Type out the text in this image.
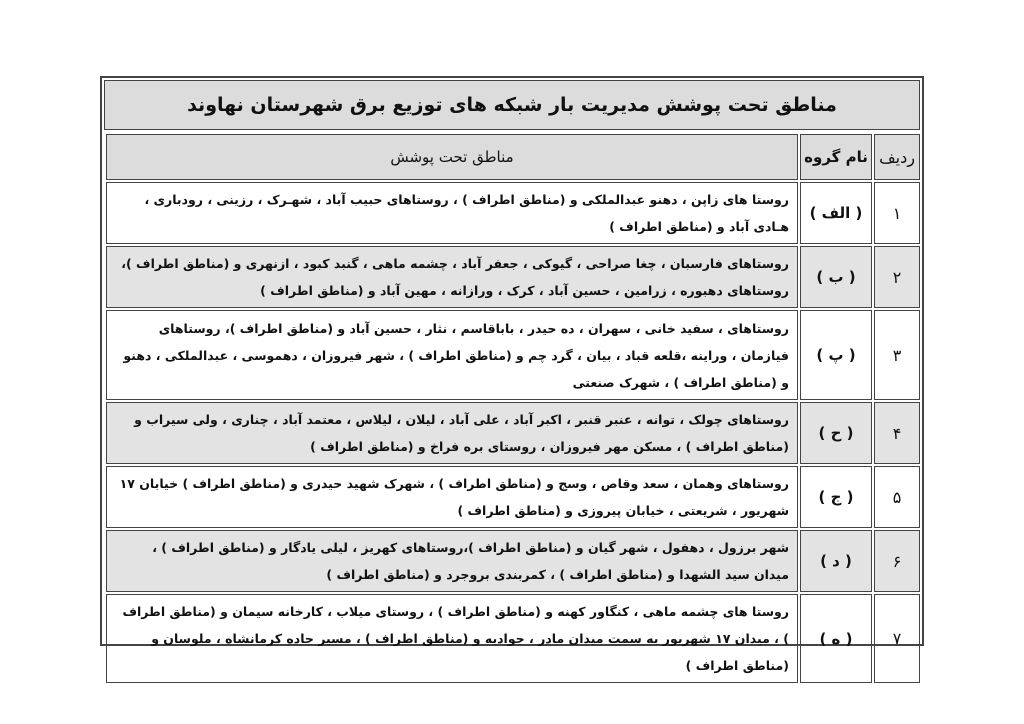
مناطق تحت پوشش مدیریت بار شبکه های توزیع برق شهرستان نهاوند
ردیف	نام گروه	مناطق تحت پوشش
۱	( الف )	روستا های زاپن ، دهنو عبدالملکی و (مناطق اطراف ) ، روستاهای حبیب آباد ، شهـرک ، رزینی ، رودباری ، هـادی آباد و (مناطق اطراف )
۲	( ب )	روستاهای فارسبان ، چغا صراحی ، گیوکی ، جعفر آباد ، چشمه ماهی ، گنبد کبود ، ازنهری و (مناطق اطراف )، روستاهای دهبوره ، زرامین ، حسین آباد ، کرک ، ورازانه ، مهین آباد و (مناطق اطراف )
۳	( پ )	روستاهای ، سفید خانی ، سهران ، ده حیدر ، باباقاسم ، نثار ، حسین آباد و (مناطق اطراف )، روستاهای فیازمان ، وراینه ،قلعه قباد ، بیان ، گرد چم و (مناطق اطراف ) ، شهر فیروزان ، دهموسی ، عبدالملکی ، دهنو و (مناطق اطراف ) ، شهرک صنعتی
۴	( ح )	روستاهای چولک ، توانه ، عنبر قنبر ، اکبر آباد ، علی آباد ، لیلان ، لیلاس ، معتمد آباد ، چناری ، ولی سیراب و (مناطق اطراف ) ، مسکن مهر فیروزان ، روستای بره فراخ و (مناطق اطراف )
۵	( ج )	روستاهای وهمان ، سعد وقاص ، وسج و (مناطق اطراف ) ، شهرک شهید حیدری و (مناطق اطراف ) خیابان ۱۷ شهریور ، شریعتی ، خیابان پیروزی و (مناطق اطراف )
۶	( د )	شهر برزول ، دهفول ، شهر گیان و (مناطق اطراف )،روستاهای کهریز ، لیلی یادگار و (مناطق اطراف ) ، میدان سید الشهدا و (مناطق اطراف ) ، کمربندی بروجرد و (مناطق اطراف )
۷	( ه )	روستا های چشمه ماهی ، کنگاور کهنه و (مناطق اطراف ) ، روستای میلاب ، کارخانه سیمان و (مناطق اطراف ) ، میدان ۱۷ شهریور به سمت میدان مادر ، جوادیه و (مناطق اطراف ) ، مسیر جاده کرمانشاه ، ملوسان و (مناطق اطراف )
